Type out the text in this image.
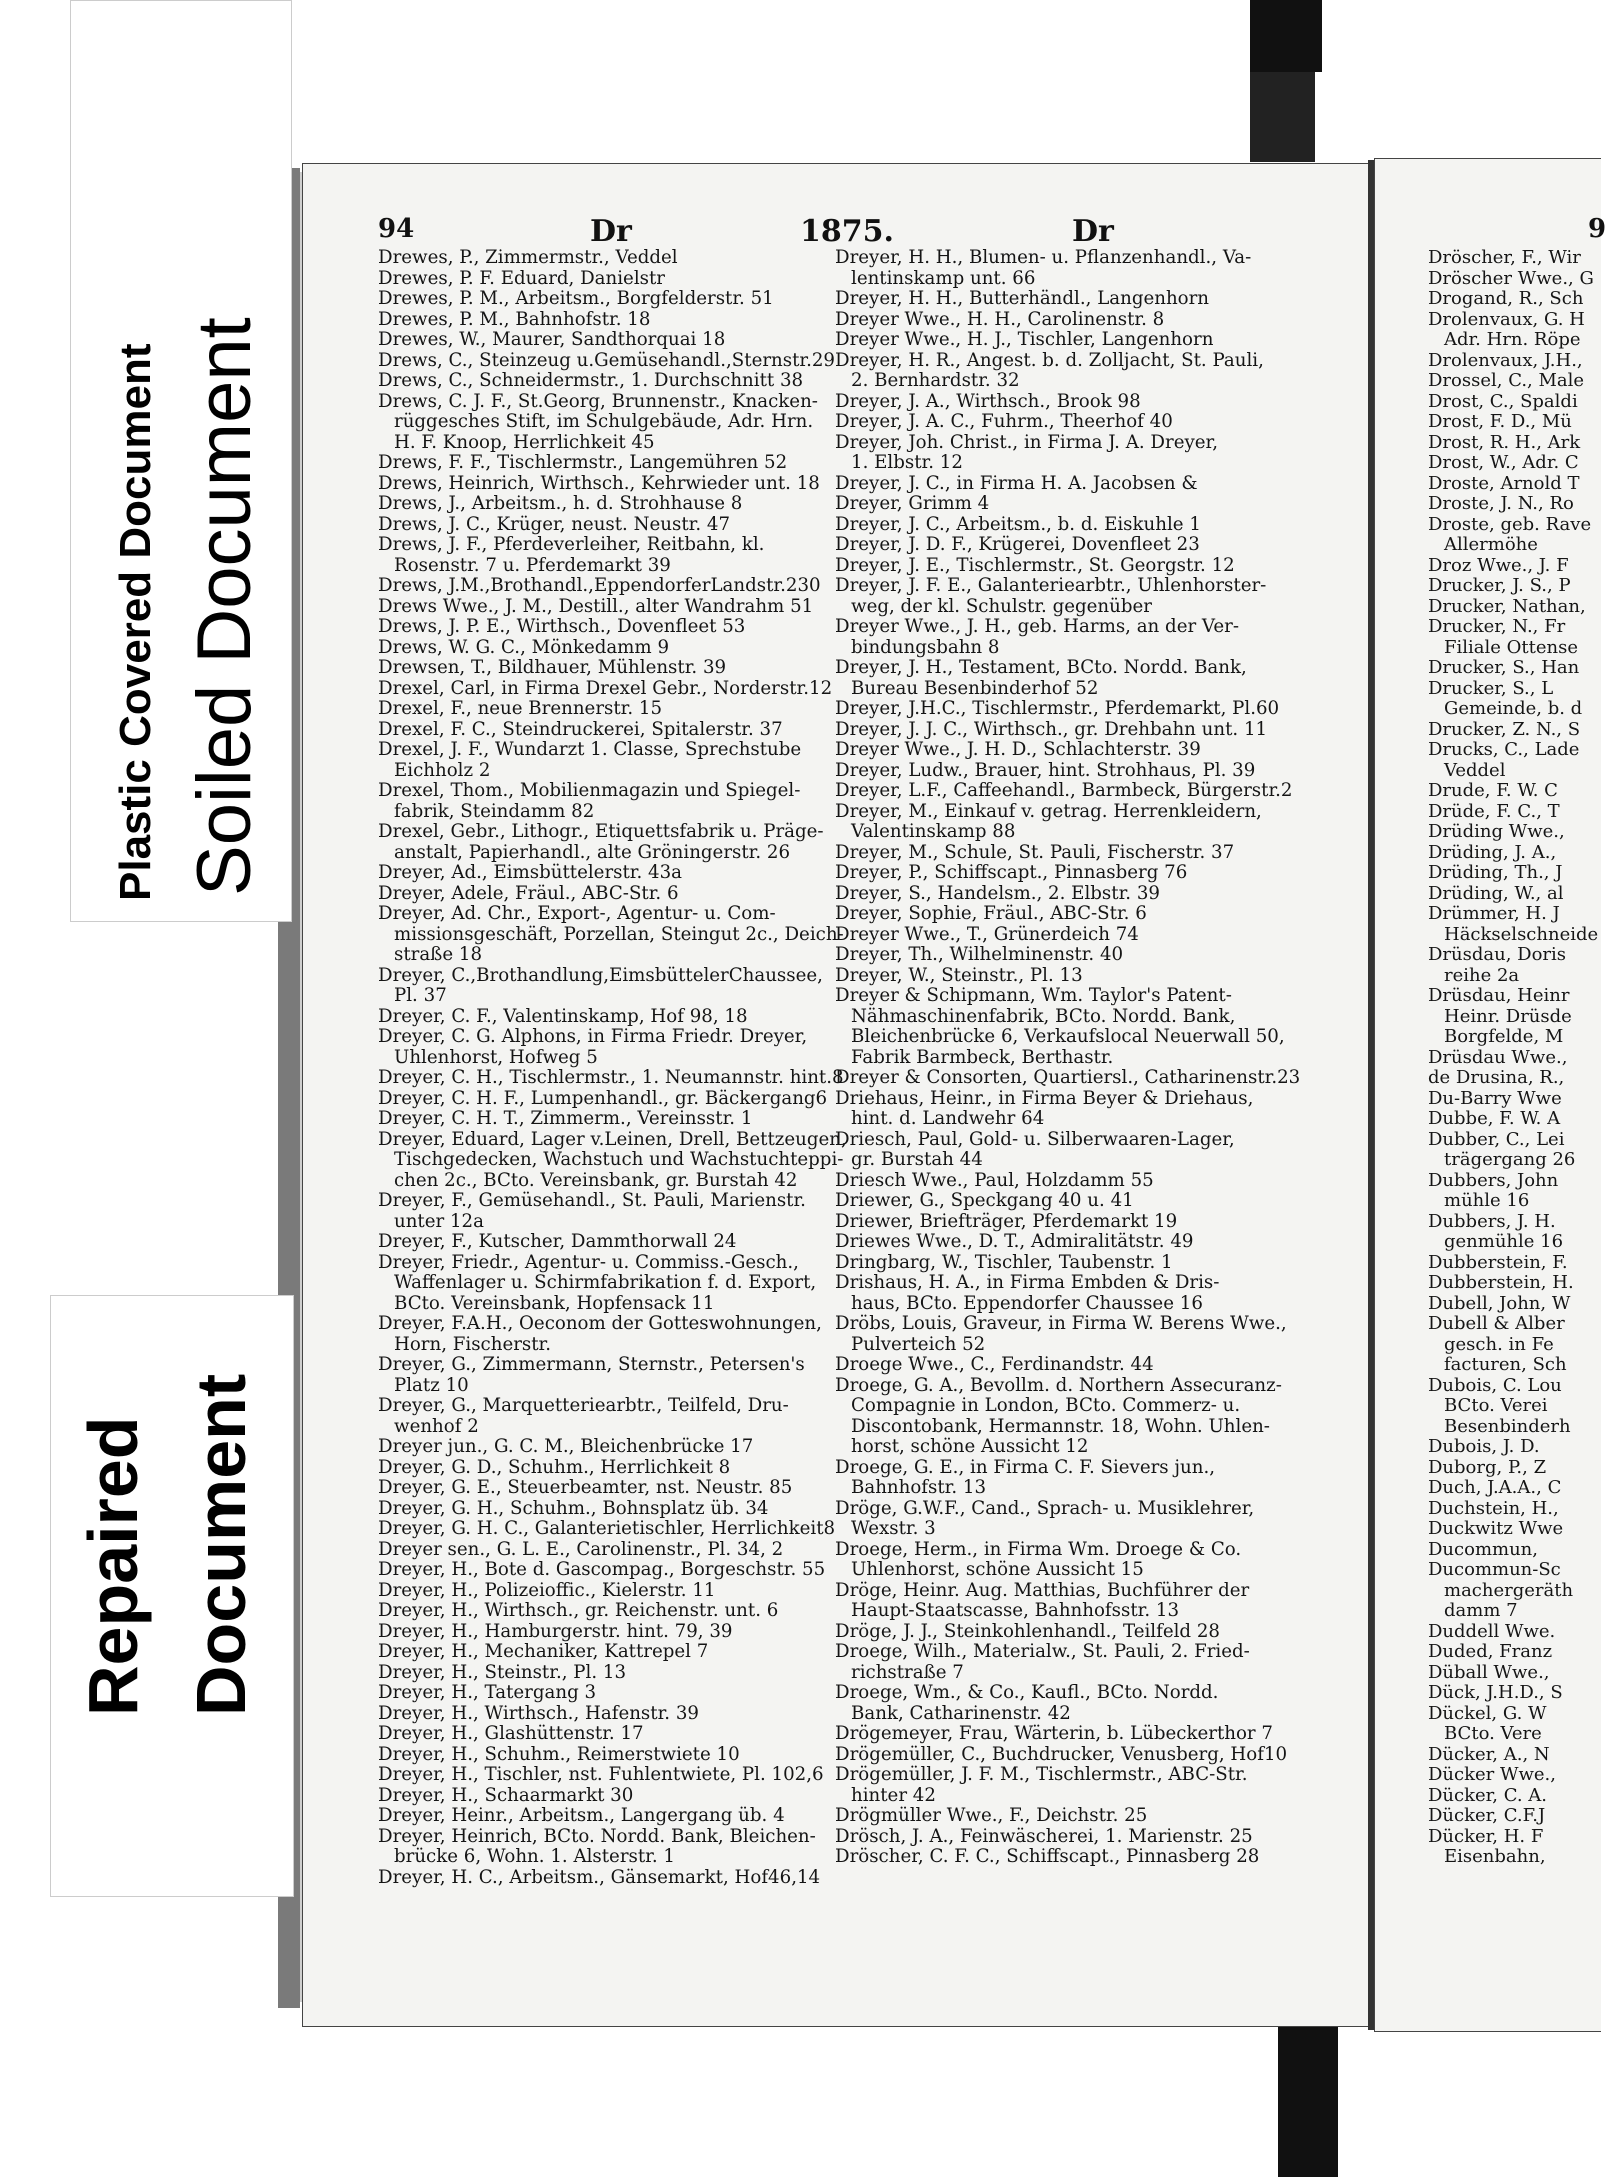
Plastic Covered Document Soiled Document
Repaired Document
94	Dr	1875.	Dr	9
Drewes, P., Zimmermstr., Veddel
Drewes, P. F. Eduard, Danielstr
Drewes, P. M., Arbeitsm., Borgfelderstr. 51
Drewes, P. M., Bahnhofstr. 18
Drewes, W., Maurer, Sandthorquai 18
Drews, C., Steinzeug u.Gemüsehandl.,Sternstr.29
Drews, C., Schneidermstr., 1. Durchschnitt 38
Drews, C. J. F., St.Georg, Brunnenstr., Knacken-
rüggesches Stift, im Schulgebäude, Adr. Hrn.
H. F. Knoop, Herrlichkeit 45
Drews, F. F., Tischlermstr., Langemühren 52
Drews, Heinrich, Wirthsch., Kehrwieder unt. 18
Drews, J., Arbeitsm., h. d. Strohhause 8
Drews, J. C., Krüger, neust. Neustr. 47
Drews, J. F., Pferdeverleiher, Reitbahn, kl.
Rosenstr. 7 u. Pferdemarkt 39
Drews, J.M.,Brothandl.,EppendorferLandstr.230
Drews Wwe., J. M., Destill., alter Wandrahm 51
Drews, J. P. E., Wirthsch., Dovenfleet 53
Drews, W. G. C., Mönkedamm 9
Drewsen, T., Bildhauer, Mühlenstr. 39
Drexel, Carl, in Firma Drexel Gebr., Norderstr.12
Drexel, F., neue Brennerstr. 15
Drexel, F. C., Steindruckerei, Spitalerstr. 37
Drexel, J. F., Wundarzt 1. Classe, Sprechstube
Eichholz 2
Drexel, Thom., Mobilienmagazin und Spiegel-
fabrik, Steindamm 82
Drexel, Gebr., Lithogr., Etiquettsfabrik u. Präge-
anstalt, Papierhandl., alte Gröningerstr. 26
Dreyer, Ad., Eimsbüttelerstr. 43a
Dreyer, Adele, Fräul., ABC-Str. 6
Dreyer, Ad. Chr., Export-, Agentur- u. Com-
missionsgeschäft, Porzellan, Steingut 2c., Deich-
straße 18
Dreyer, C.,Brothandlung,EimsbüttelerChaussee,
Pl. 37
Dreyer, C. F., Valentinskamp, Hof 98, 18
Dreyer, C. G. Alphons, in Firma Friedr. Dreyer,
Uhlenhorst, Hofweg 5
Dreyer, C. H., Tischlermstr., 1. Neumannstr. hint.8
Dreyer, C. H. F., Lumpenhandl., gr. Bäckergang6
Dreyer, C. H. T., Zimmerm., Vereinsstr. 1
Dreyer, Eduard, Lager v.Leinen, Drell, Bettzeugen,
Tischgedecken, Wachstuch und Wachstuchteppi-
chen 2c., BCto. Vereinsbank, gr. Burstah 42
Dreyer, F., Gemüsehandl., St. Pauli, Marienstr.
unter 12a
Dreyer, F., Kutscher, Dammthorwall 24
Dreyer, Friedr., Agentur- u. Commiss.-Gesch.,
Waffenlager u. Schirmfabrikation f. d. Export,
BCto. Vereinsbank, Hopfensack 11
Dreyer, F.A.H., Oeconom der Gotteswohnungen,
Horn, Fischerstr.
Dreyer, G., Zimmermann, Sternstr., Petersen's
Platz 10
Dreyer, G., Marquetteriearbtr., Teilfeld, Dru-
wenhof 2
Dreyer jun., G. C. M., Bleichenbrücke 17
Dreyer, G. D., Schuhm., Herrlichkeit 8
Dreyer, G. E., Steuerbeamter, nst. Neustr. 85
Dreyer, G. H., Schuhm., Bohnsplatz üb. 34
Dreyer, G. H. C., Galanterietischler, Herrlichkeit8
Dreyer sen., G. L. E., Carolinenstr., Pl. 34, 2
Dreyer, H., Bote d. Gascompag., Borgeschstr. 55
Dreyer, H., Polizeioffic., Kielerstr. 11
Dreyer, H., Wirthsch., gr. Reichenstr. unt. 6
Dreyer, H., Hamburgerstr. hint. 79, 39
Dreyer, H., Mechaniker, Kattrepel 7
Dreyer, H., Steinstr., Pl. 13
Dreyer, H., Tatergang 3
Dreyer, H., Wirthsch., Hafenstr. 39
Dreyer, H., Glashüttenstr. 17
Dreyer, H., Schuhm., Reimerstwiete 10
Dreyer, H., Tischler, nst. Fuhlentwiete, Pl. 102,6
Dreyer, H., Schaarmarkt 30
Dreyer, Heinr., Arbeitsm., Langergang üb. 4
Dreyer, Heinrich, BCto. Nordd. Bank, Bleichen-
brücke 6, Wohn. 1. Alsterstr. 1
Dreyer, H. C., Arbeitsm., Gänsemarkt, Hof46,14
Dreyer, H. H., Blumen- u. Pflanzenhandl., Va-
lentinskamp unt. 66
Dreyer, H. H., Butterhändl., Langenhorn
Dreyer Wwe., H. H., Carolinenstr. 8
Dreyer Wwe., H. J., Tischler, Langenhorn
Dreyer, H. R., Angest. b. d. Zolljacht, St. Pauli,
2. Bernhardstr. 32
Dreyer, J. A., Wirthsch., Brook 98
Dreyer, J. A. C., Fuhrm., Theerhof 40
Dreyer, Joh. Christ., in Firma J. A. Dreyer,
1. Elbstr. 12
Dreyer, J. C., in Firma H. A. Jacobsen &
Dreyer, Grimm 4
Dreyer, J. C., Arbeitsm., b. d. Eiskuhle 1
Dreyer, J. D. F., Krügerei, Dovenfleet 23
Dreyer, J. E., Tischlermstr., St. Georgstr. 12
Dreyer, J. F. E., Galanteriearbtr., Uhlenhorster-
weg, der kl. Schulstr. gegenüber
Dreyer Wwe., J. H., geb. Harms, an der Ver-
bindungsbahn 8
Dreyer, J. H., Testament, BCto. Nordd. Bank,
Bureau Besenbinderhof 52
Dreyer, J.H.C., Tischlermstr., Pferdemarkt, Pl.60
Dreyer, J. J. C., Wirthsch., gr. Drehbahn unt. 11
Dreyer Wwe., J. H. D., Schlachterstr. 39
Dreyer, Ludw., Brauer, hint. Strohhaus, Pl. 39
Dreyer, L.F., Caffeehandl., Barmbeck, Bürgerstr.2
Dreyer, M., Einkauf v. getrag. Herrenkleidern,
Valentinskamp 88
Dreyer, M., Schule, St. Pauli, Fischerstr. 37
Dreyer, P., Schiffscapt., Pinnasberg 76
Dreyer, S., Handelsm., 2. Elbstr. 39
Dreyer, Sophie, Fräul., ABC-Str. 6
Dreyer Wwe., T., Grünerdeich 74
Dreyer, Th., Wilhelminenstr. 40
Dreyer, W., Steinstr., Pl. 13
Dreyer & Schipmann, Wm. Taylor's Patent-
Nähmaschinenfabrik, BCto. Nordd. Bank,
Bleichenbrücke 6, Verkaufslocal Neuerwall 50,
Fabrik Barmbeck, Berthastr.
Dreyer & Consorten, Quartiersl., Catharinenstr.23
Driehaus, Heinr., in Firma Beyer & Driehaus,
hint. d. Landwehr 64
Driesch, Paul, Gold- u. Silberwaaren-Lager,
gr. Burstah 44
Driesch Wwe., Paul, Holzdamm 55
Driewer, G., Speckgang 40 u. 41
Driewer, Briefträger, Pferdemarkt 19
Driewes Wwe., D. T., Admiralitätstr. 49
Dringbarg, W., Tischler, Taubenstr. 1
Drishaus, H. A., in Firma Embden & Dris-
haus, BCto. Eppendorfer Chaussee 16
Dröbs, Louis, Graveur, in Firma W. Berens Wwe.,
Pulverteich 52
Droege Wwe., C., Ferdinandstr. 44
Droege, G. A., Bevollm. d. Northern Assecuranz-
Compagnie in London, BCto. Commerz- u.
Discontobank, Hermannstr. 18, Wohn. Uhlen-
horst, schöne Aussicht 12
Droege, G. E., in Firma C. F. Sievers jun.,
Bahnhofstr. 13
Dröge, G.W.F., Cand., Sprach- u. Musiklehrer,
Wexstr. 3
Droege, Herm., in Firma Wm. Droege & Co.
Uhlenhorst, schöne Aussicht 15
Dröge, Heinr. Aug. Matthias, Buchführer der
Haupt-Staatscasse, Bahnhofsstr. 13
Dröge, J. J., Steinkohlenhandl., Teilfeld 28
Droege, Wilh., Materialw., St. Pauli, 2. Fried-
richstraße 7
Droege, Wm., & Co., Kaufl., BCto. Nordd.
Bank, Catharinenstr. 42
Drögemeyer, Frau, Wärterin, b. Lübeckerthor 7
Drögemüller, C., Buchdrucker, Venusberg, Hof10
Drögemüller, J. F. M., Tischlermstr., ABC-Str.
hinter 42
Drögmüller Wwe., F., Deichstr. 25
Drösch, J. A., Feinwäscherei, 1. Marienstr. 25
Dröscher, C. F. C., Schiffscapt., Pinnasberg 28
Dröscher, F., Wir
Dröscher Wwe., G
Drogand, R., Sch
Drolenvaux, G. H
Adr. Hrn. Röpe
Drolenvaux, J.H.,
Drossel, C., Male
Drost, C., Spaldi
Drost, F. D., Mü
Drost, R. H., Ark
Drost, W., Adr. C
Droste, Arnold T
Droste, J. N., Ro
Droste, geb. Rave
Allermöhe
Droz Wwe., J. F
Drucker, J. S., P
Drucker, Nathan,
Drucker, N., Fr
Filiale Ottense
Drucker, S., Han
Drucker, S., L
Gemeinde, b. d
Drucker, Z. N., S
Drucks, C., Lade
Veddel
Drude, F. W. C
Drüde, F. C., T
Drüding Wwe.,
Drüding, J. A.,
Drüding, Th., J
Drüding, W., al
Drümmer, H. J
Häckselschneide
Drüsdau, Doris
reihe 2a
Drüsdau, Heinr
Heinr. Drüsde
Borgfelde, M
Drüsdau Wwe.,
de Drusina, R.,
Du-Barry Wwe
Dubbe, F. W. A
Dubber, C., Lei
trägergang 26
Dubbers, John
mühle 16
Dubbers, J. H.
genmühle 16
Dubberstein, F.
Dubberstein, H.
Dubell, John, W
Dubell & Alber
gesch. in Fe
facturen, Sch
Dubois, C. Lou
BCto. Verei
Besenbinderh
Dubois, J. D.
Duborg, P., Z
Duch, J.A.A., C
Duchstein, H.,
Duckwitz Wwe
Ducommun,
Ducommun-Sc
machergeräth
damm 7
Duddell Wwe.
Duded, Franz
Düball Wwe.,
Dück, J.H.D., S
Dückel, G. W
BCto. Vere
Dücker, A., N
Dücker Wwe.,
Dücker, C. A.
Dücker, C.F.J
Dücker, H. F
Eisenbahn,
